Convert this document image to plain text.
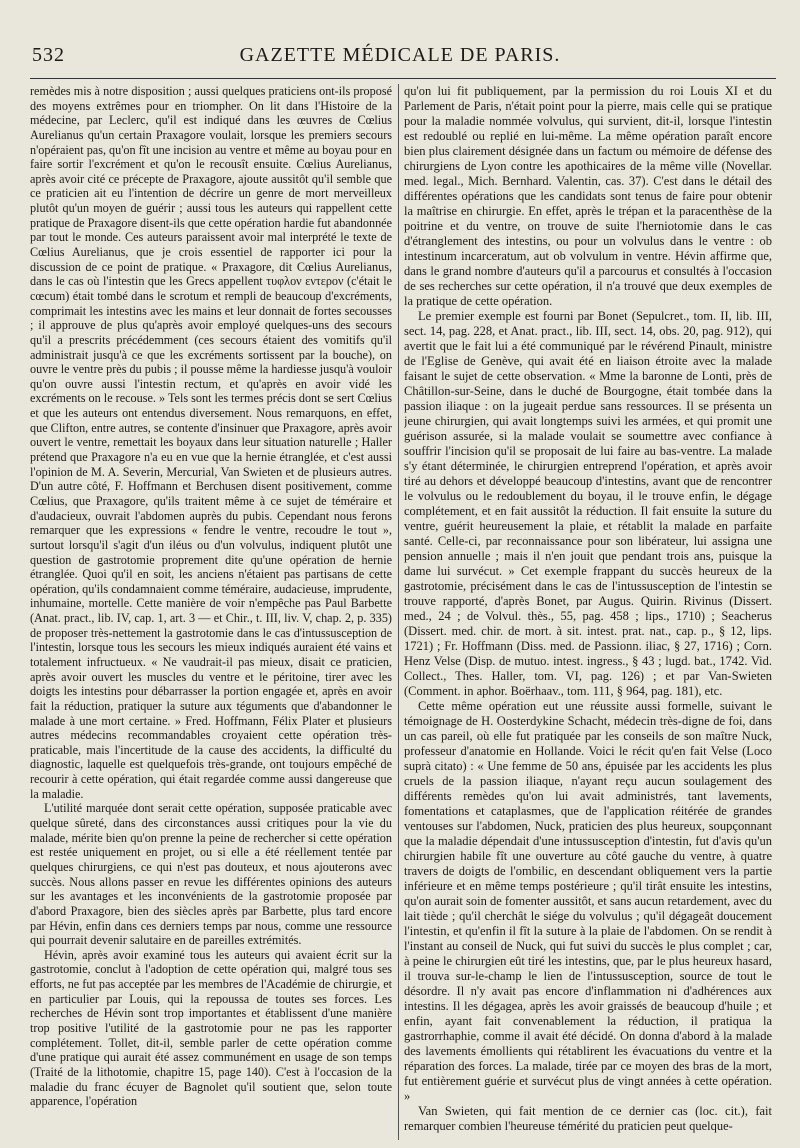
532	GAZETTE MÉDICALE DE PARIS.

remèdes mis à notre disposition ; aussi quelques praticiens ont-ils proposé des moyens extrêmes pour en triompher. On lit dans l'Histoire de la médecine, par Leclerc, qu'il est indiqué dans les œuvres de Cœlius Aurelianus qu'un certain Praxagore voulait, lorsque les premiers secours n'opéraient pas, qu'on fît une incision au ventre et même au boyau pour en faire sortir l'excrément et qu'on le recousît ensuite. Cœlius Aurelianus, après avoir cité ce précepte de Praxagore, ajoute aussitôt qu'il semble que ce praticien ait eu l'intention de décrire un genre de mort merveilleux plutôt qu'un moyen de guérir ; aussi tous les auteurs qui rappellent cette pratique de Praxagore disent-ils que cette opération hardie fut abandonnée par tout le monde. Ces auteurs paraissent avoir mal interprété le texte de Cœlius Aurelianus, que je crois essentiel de rapporter ici pour la discussion de ce point de pratique. « Praxagore, dit Cœlius Aurelianus, dans le cas où l'intestin que les Grecs appellent τυφλον εντερον (c'était le cœcum) était tombé dans le scrotum et rempli de beaucoup d'excréments, comprimait les intestins avec les mains et leur donnait de fortes secousses ; il approuve de plus qu'après avoir employé quelques-uns des secours qu'il a prescrits précédemment (ces secours étaient des vomitifs qu'il administrait jusqu'à ce que les excréments sortissent par la bouche), on ouvre le ventre près du pubis ; il pousse même la hardiesse jusqu'à vouloir qu'on ouvre aussi l'intestin rectum, et qu'après en avoir vidé les excréments on le recouse. » Tels sont les termes précis dont se sert Cœlius et que les auteurs ont entendus diversement. Nous remarquons, en effet, que Clifton, entre autres, se contente d'insinuer que Praxagore, après avoir ouvert le ventre, remettait les boyaux dans leur situation naturelle ; Haller prétend que Praxagore n'a eu en vue que la hernie étranglée, et c'est aussi l'opinion de M. A. Severin, Mercurial, Van Swieten et de plusieurs autres. D'un autre côté, F. Hoffmann et Berchusen disent positivement, comme Cœlius, que Praxagore, qu'ils traitent même à ce sujet de téméraire et d'audacieux, ouvrait l'abdomen auprès du pubis. Cependant nous ferons remarquer que les expressions « fendre le ventre, recoudre le tout », surtout lorsqu'il s'agit d'un iléus ou d'un volvulus, indiquent plutôt une question de gastrotomie proprement dite qu'une opération de hernie étranglée. Quoi qu'il en soit, les anciens n'étaient pas partisans de cette opération, qu'ils condamnaient comme téméraire, audacieuse, imprudente, inhumaine, mortelle. Cette manière de voir n'empêche pas Paul Barbette (Anat. pract., lib. IV, cap. 1, art. 3 — et Chir., t. III, liv. V, chap. 2, p. 335) de proposer très-nettement la gastrotomie dans le cas d'intussusception de l'intestin, lorsque tous les secours les mieux indiqués auraient été vains et totalement infructueux. « Ne vaudrait-il pas mieux, disait ce praticien, après avoir ouvert les muscles du ventre et le péritoine, tirer avec les doigts les intestins pour débarrasser la portion engagée et, après en avoir fait la réduction, pratiquer la suture aux téguments que d'abandonner le malade à une mort certaine. » Fred. Hoffmann, Félix Plater et plusieurs autres médecins recommandables croyaient cette opération très-praticable, mais l'incertitude de la cause des accidents, la difficulté du diagnostic, laquelle est quelquefois très-grande, ont toujours empêché de recourir à cette opération, qui était regardée comme aussi dangereuse que la maladie.

L'utilité marquée dont serait cette opération, supposée praticable avec quelque sûreté, dans des circonstances aussi critiques pour la vie du malade, mérite bien qu'on prenne la peine de rechercher si cette opération est restée uniquement en projet, ou si elle a été réellement tentée par quelques chirurgiens, ce qui n'est pas douteux, et nous ajouterons avec succès. Nous allons passer en revue les différentes opinions des auteurs sur les avantages et les inconvénients de la gastrotomie proposée par d'abord Praxagore, bien des siècles après par Barbette, plus tard encore par Hévin, enfin dans ces derniers temps par nous, comme une ressource qui pourrait devenir salutaire en de pareilles extrémités.

Hévin, après avoir examiné tous les auteurs qui avaient écrit sur la gastrotomie, conclut à l'adoption de cette opération qui, malgré tous ses efforts, ne fut pas acceptée par les membres de l'Académie de chirurgie, et en particulier par Louis, qui la repoussa de toutes ses forces. Les recherches de Hévin sont trop importantes et établissent d'une manière trop positive l'utilité de la gastrotomie pour ne pas les rapporter complétement. Tollet, dit-il, semble parler de cette opération comme d'une pratique qui aurait été assez communément en usage de son temps (Traité de la lithotomie, chapitre 15, page 140). C'est à l'occasion de la maladie du franc écuyer de Bagnolet qu'il soutient que, selon toute apparence, l'opération

qu'on lui fit publiquement, par la permission du roi Louis XI et du Parlement de Paris, n'était point pour la pierre, mais celle qui se pratique pour la maladie nommée volvulus, qui survient, dit-il, lorsque l'intestin est redoublé ou replié en lui-même. La même opération paraît encore bien plus clairement désignée dans un factum ou mémoire de défense des chirurgiens de Lyon contre les apothicaires de la même ville (Novellar. med. legal., Mich. Bernhard. Valentin, cas. 37). C'est dans le détail des différentes opérations que les candidats sont tenus de faire pour obtenir la maîtrise en chirurgie. En effet, après le trépan et la paracenthèse de la poitrine et du ventre, on trouve de suite l'herniotomie dans le cas d'étranglement des intestins, ou pour un volvulus dans le ventre : ob intestinum incarceratum, aut ob volvulum in ventre. Hévin affirme que, dans le grand nombre d'auteurs qu'il a parcourus et consultés à l'occasion de ses recherches sur cette opération, il n'a trouvé que deux exemples de la pratique de cette opération.

Le premier exemple est fourni par Bonet (Sepulcret., tom. II, lib. III, sect. 14, pag. 228, et Anat. pract., lib. III, sect. 14, obs. 20, pag. 912), qui avertit que le fait lui a été communiqué par le révérend Pinault, ministre de l'Eglise de Genève, qui avait été en liaison étroite avec la malade faisant le sujet de cette observation. « Mme la baronne de Lonti, près de Châtillon-sur-Seine, dans le duché de Bourgogne, était tombée dans la passion iliaque : on la jugeait perdue sans ressources. Il se présenta un jeune chirurgien, qui avait longtemps suivi les armées, et qui promit une guérison assurée, si la malade voulait se soumettre avec confiance à souffrir l'incision qu'il se proposait de lui faire au bas-ventre. La malade s'y étant déterminée, le chirurgien entreprend l'opération, et après avoir tiré au dehors et développé beaucoup d'intestins, avant que de rencontrer le volvulus ou le redoublement du boyau, il le trouve enfin, le dégage complétement, et en fait aussitôt la réduction. Il fait ensuite la suture du ventre, guérit heureusement la plaie, et rétablit la malade en parfaite santé. Celle-ci, par reconnaissance pour son libérateur, lui assigna une pension annuelle ; mais il n'en jouit que pendant trois ans, puisque la dame lui survécut. » Cet exemple frappant du succès heureux de la gastrotomie, précisément dans le cas de l'intussusception de l'intestin se trouve rapporté, d'après Bonet, par Augus. Quirin. Rivinus (Dissert. med., 24 ; de Volvul. thès., 55, pag. 458 ; lips., 1710) ; Seacherus (Dissert. med. chir. de mort. à sit. intest. prat. nat., cap. p., § 12, lips. 1721) ; Fr. Hoffmann (Diss. med. de Passionn. iliac, § 27, 1716) ; Corn. Henz Velse (Disp. de mutuo. intest. ingress., § 43 ; lugd. bat., 1742. Vid. Collect., Thes. Haller, tom. VI, pag. 126) ; et par Van-Swieten (Comment. in aphor. Boërhaav., tom. 111, § 964, pag. 181), etc.

Cette même opération eut une réussite aussi formelle, suivant le témoignage de H. Oosterdykine Schacht, médecin très-digne de foi, dans un cas pareil, où elle fut pratiquée par les conseils de son maître Nuck, professeur d'anatomie en Hollande. Voici le récit qu'en fait Velse (Loco suprà citato) : « Une femme de 50 ans, épuisée par les accidents les plus cruels de la passion iliaque, n'ayant reçu aucun soulagement des différents remèdes qu'on lui avait administrés, tant lavements, fomentations et cataplasmes, que de l'application réitérée de grandes ventouses sur l'abdomen, Nuck, praticien des plus heureux, soupçonnant que la maladie dépendait d'une intussusception d'intestin, fut d'avis qu'un chirurgien habile fît une ouverture au côté gauche du ventre, à quatre travers de doigts de l'ombilic, en descendant obliquement vers la partie inférieure et en même temps postérieure ; qu'il tirât ensuite les intestins, qu'on aurait soin de fomenter aussitôt, et sans aucun retardement, avec du lait tiède ; qu'il cherchât le siége du volvulus ; qu'il dégageât doucement l'intestin, et qu'enfin il fît la suture à la plaie de l'abdomen. On se rendit à l'instant au conseil de Nuck, qui fut suivi du succès le plus complet ; car, à peine le chirurgien eût tiré les intestins, que, par le plus heureux hasard, il trouva sur-le-champ le lien de l'intussusception, source de tout le désordre. Il n'y avait pas encore d'inflammation ni d'adhérences aux intestins. Il les dégagea, après les avoir graissés de beaucoup d'huile ; et enfin, ayant fait convenablement la réduction, il pratiqua la gastrorrhaphie, comme il avait été décidé. On donna d'abord à la malade des lavements émollients qui rétablirent les évacuations du ventre et la réparation des forces. La malade, tirée par ce moyen des bras de la mort, fut entièrement guérie et survécut plus de vingt années à cette opération. »

Van Swieten, qui fait mention de ce dernier cas (loc. cit.), fait remarquer combien l'heureuse témérité du praticien peut quelque-
